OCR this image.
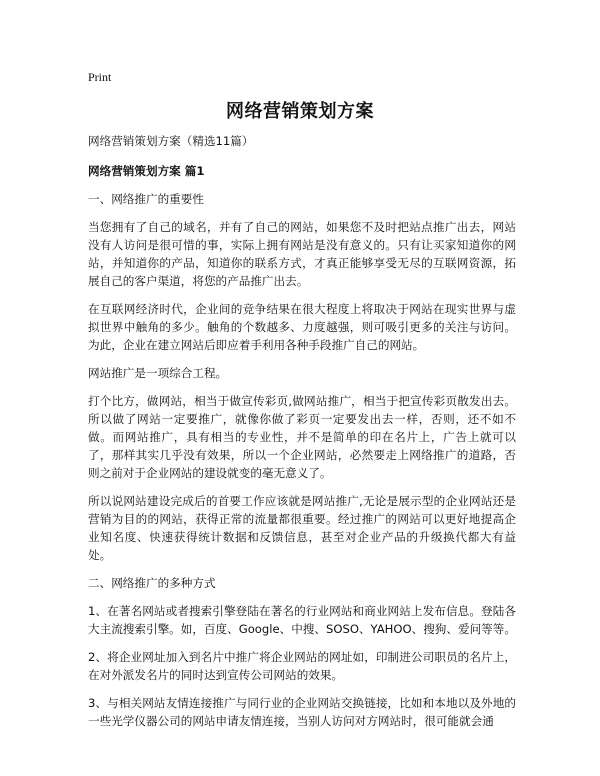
Print
网络营销策划方案

网络营销策划方案（精选11篇）

网络营销策划方案 篇1

一、网络推广的重要性

当您拥有了自己的域名，并有了自己的网站，如果您不及时把站点推广出去，网站没有人访问是很可惜的事，实际上拥有网站是没有意义的。只有让买家知道你的网站，并知道你的产品，知道你的联系方式，才真正能够享受无尽的互联网资源，拓展自己的客户渠道，将您的产品推广出去。

在互联网经济时代，企业间的竞争结果在很大程度上将取决于网站在现实世界与虚拟世界中触角的多少。触角的个数越多、力度越强，则可吸引更多的关注与访问。为此，企业在建立网站后即应着手利用各种手段推广自己的网站。

网站推广是一项综合工程。

打个比方，做网站，相当于做宣传彩页,做网站推广，相当于把宣传彩页散发出去。所以做了网站一定要推广，就像你做了彩页一定要发出去一样，否则，还不如不做。而网站推广，具有相当的专业性，并不是简单的印在名片上，广告上就可以了，那样其实几乎没有效果，所以一个企业网站，必然要走上网络推广的道路，否则之前对于企业网站的建设就变的毫无意义了。

所以说网站建设完成后的首要工作应该就是网站推广,无论是展示型的企业网站还是营销为目的的网站，获得正常的流量都很重要。经过推广的网站可以更好地提高企业知名度、快速获得统计数据和反馈信息，甚至对企业产品的升级换代都大有益处。

二、网络推广的多种方式

1、在著名网站或者搜索引擎登陆在著名的行业网站和商业网站上发布信息。登陆各大主流搜索引擎。如，百度、Google、中搜、SOSO、YAHOO、搜狗、爱问等等。

2、将企业网址加入到名片中推广将企业网站的网址如，印制进公司职员的名片上，在对外派发名片的同时达到宣传公司网站的效果。

3、与相关网站友情连接推广与同行业的企业网站交换链接，比如和本地以及外地的一些光学仪器公司的网站申请友情连接，当别人访问对方网站时，很可能就会通
